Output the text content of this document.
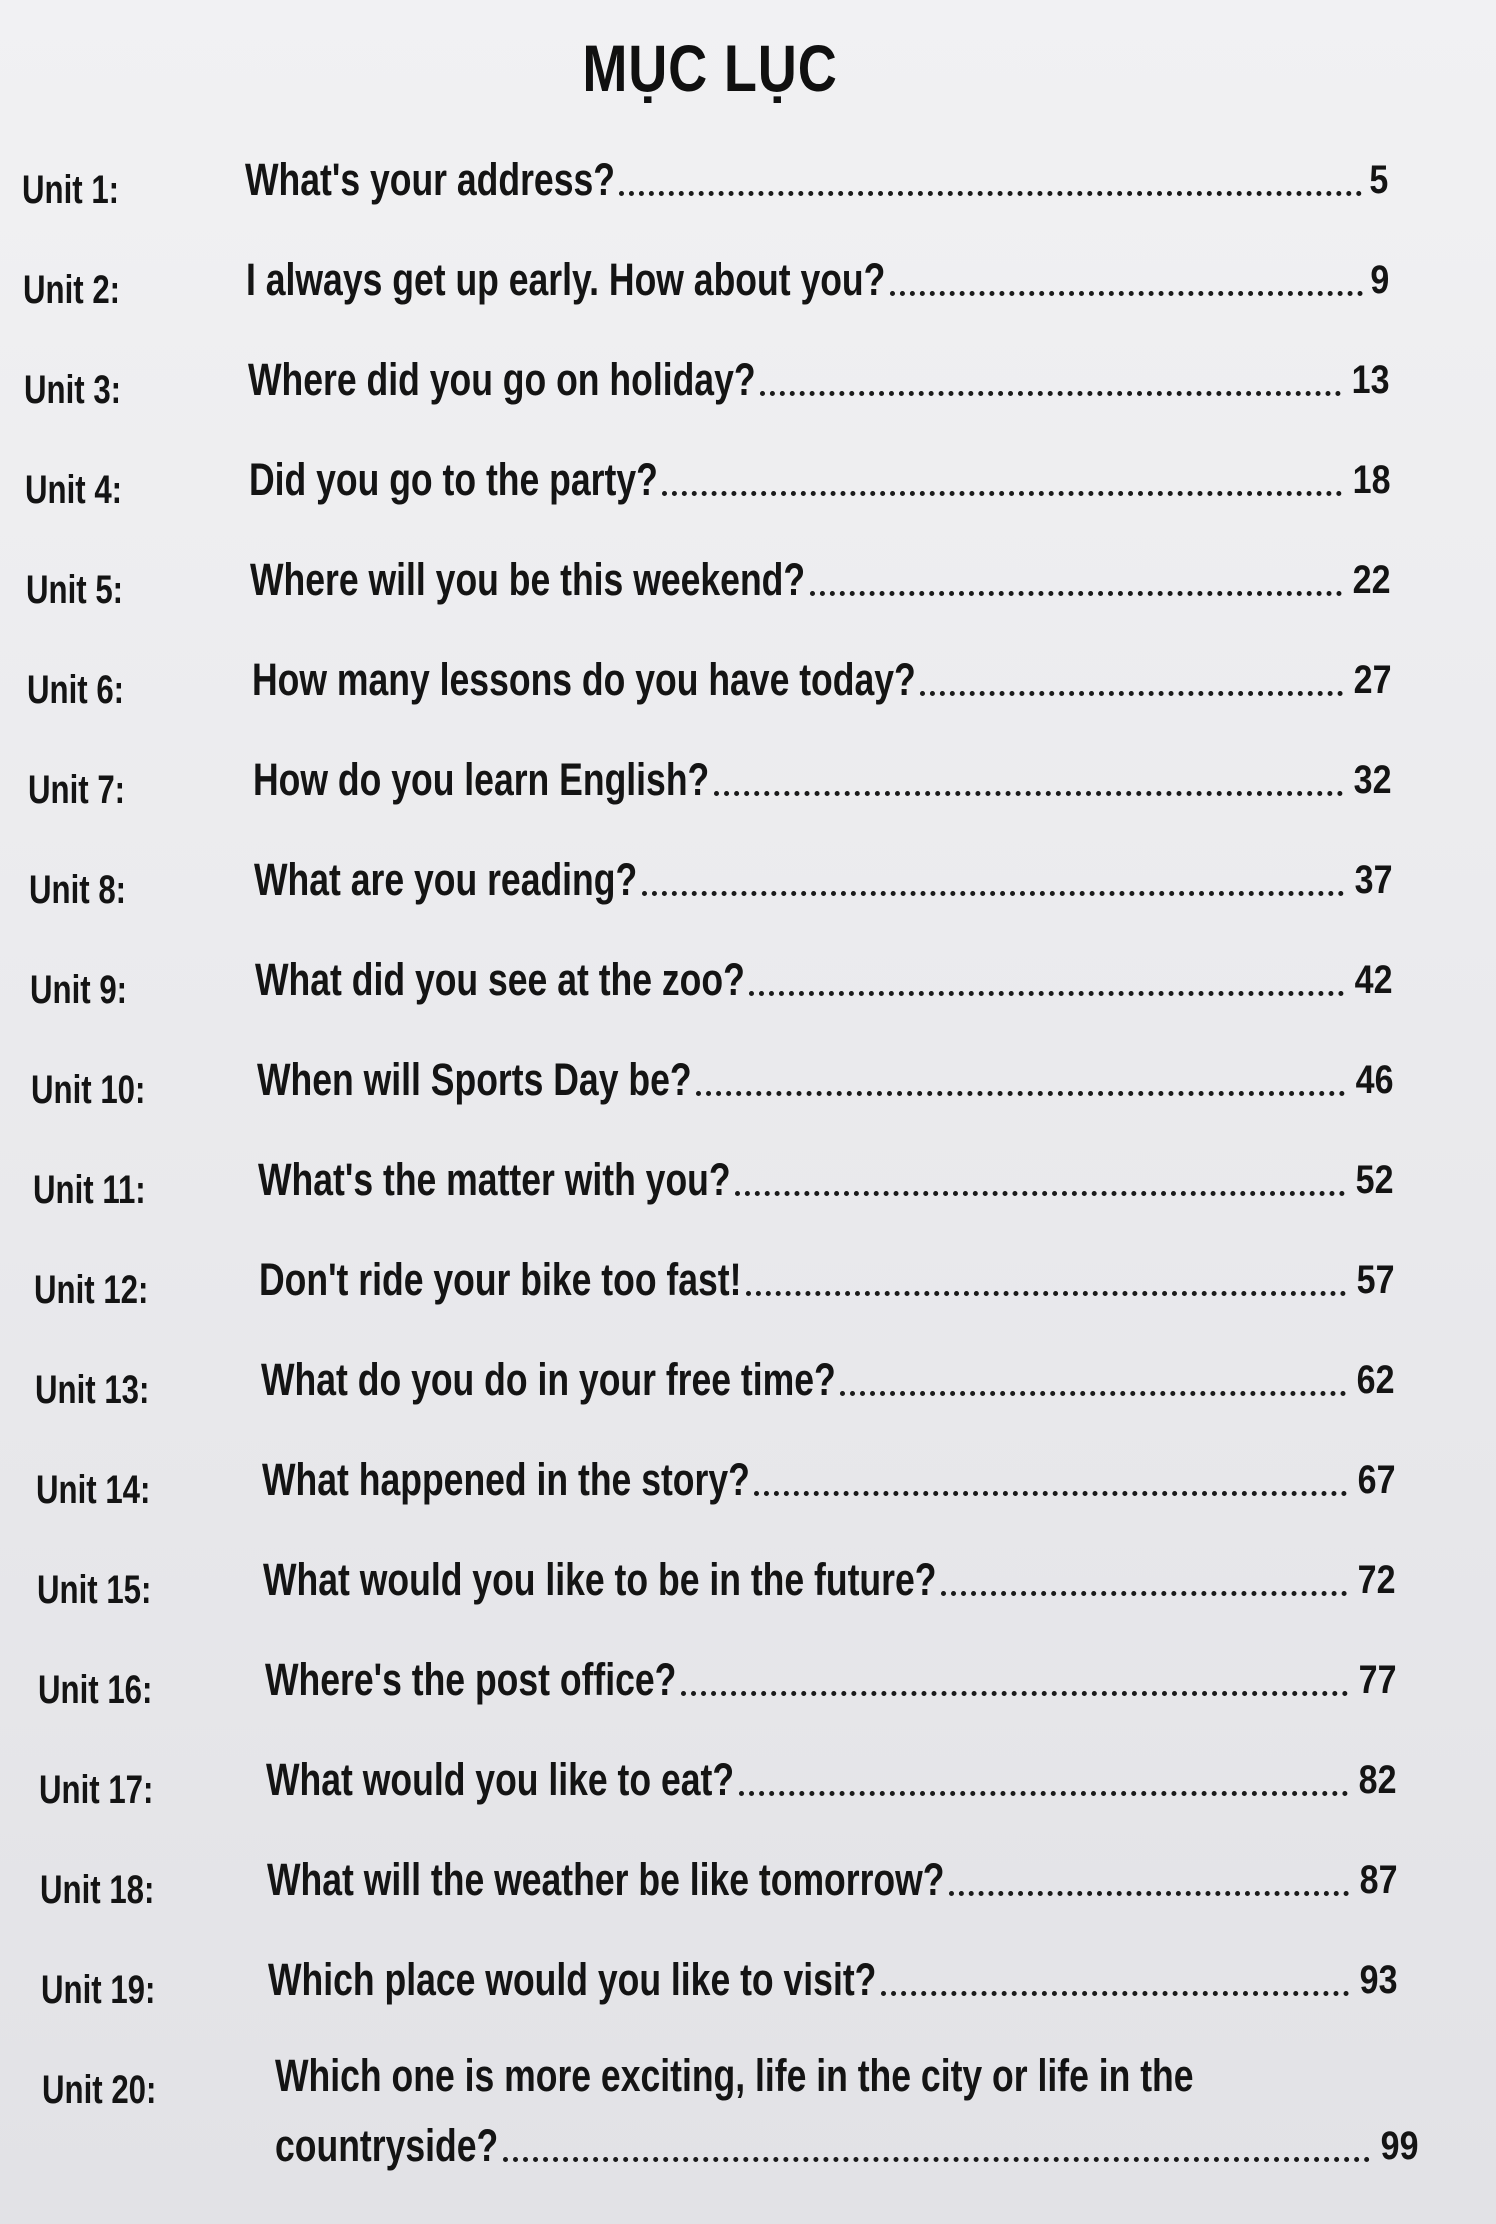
MỤC LỤC
Unit 1:	What's your address?	5
Unit 2:	I always get up early. How about you?	9
Unit 3:	Where did you go on holiday?	13
Unit 4:	Did you go to the party?	18
Unit 5:	Where will you be this weekend?	22
Unit 6:	How many lessons do you have today?	27
Unit 7:	How do you learn English?	32
Unit 8:	What are you reading?	37
Unit 9:	What did you see at the zoo?	42
Unit 10: When will Sports Day be?	46
Unit 11: What's the matter with you?	52
Unit 12: Don't ride your bike too fast!	57
Unit 13: What do you do in your free time?	62
Unit 14: What happened in the story?	67
Unit 15: What would you like to be in the future?	72
Unit 16:	Where's the post office?	77
Unit 17:	What would you like to eat?	82
Unit 18:	What will the weather be like tomorrow?	87
Unit 19:	Which place would you like to visit?	93
Unit 20:	Which one is more exciting, life in the city or life in the
countryside?	99
